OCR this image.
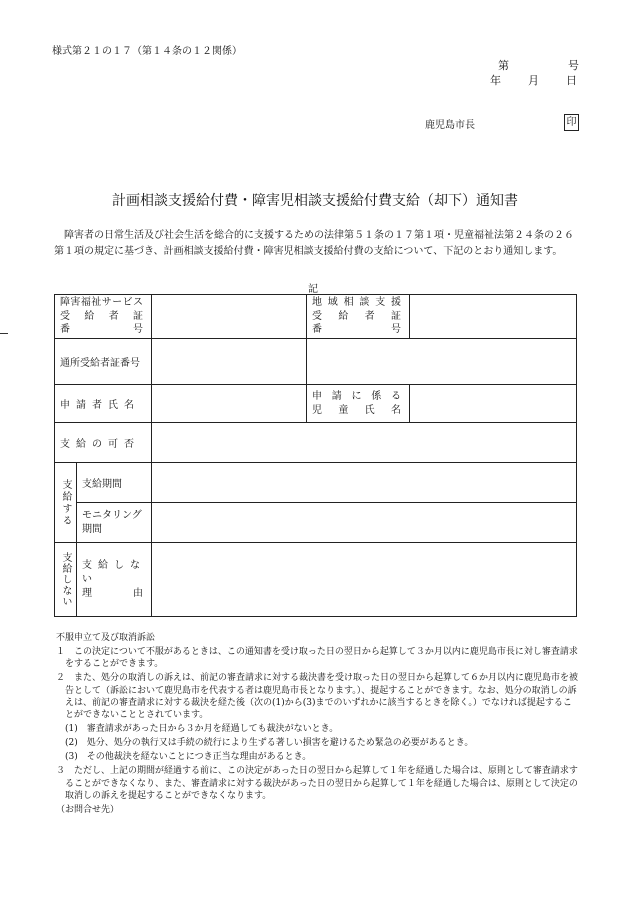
様式第２１の１７（第１４条の１２関係）
第	号
年 月 日
鹿児島市長	印
計画相談支援給付費・障害児相談支援給付費支給（却下）通知書
障害者の日常生活及び社会生活を総合的に支援するための法律第５１条の１７第１項・児童福祉法第２４条の２６第１項の規定に基づき、計画相談支援給付費・障害児相談支援給付費の支給について、下記のとおり通知します。
記
障害福祉サービス
受　給　者　証
番　　　　　号			地域相談支援
受　給　者　証
番　　　　　号	

通所受給者証番号			

申請者氏名			申請に係る
児童氏名	

支給の可否				
支給する	支給期間			

	モニタリング
期間			

支給しない	支給しない
理　　　由			

不服申立て及び取消訴訟

１　この決定について不服があるときは、この通知書を受け取った日の翌日から起算して３か月以内に鹿児島市長に対し審査請求をすることができます。

２　また、処分の取消しの訴えは、前記の審査請求に対する裁決書を受け取った日の翌日から起算して６か月以内に鹿児島市を被告として（訴訟において鹿児島市を代表する者は鹿児島市長となります。）、提起することができます。なお、処分の取消しの訴えは、前記の審査請求に対する裁決を経た後（次の(1)から(3)までのいずれかに該当するときを除く。）でなければ提起することができないこととされています。

(1)　審査請求があった日から３か月を経過しても裁決がないとき。

(2)　処分、処分の執行又は手続の続行により生ずる著しい損害を避けるため緊急の必要があるとき。

(3)　その他裁決を経ないことにつき正当な理由があるとき。

３　ただし、上記の期間が経過する前に、この決定があった日の翌日から起算して１年を経過した場合は、原則として審査請求することができなくなり、また、審査請求に対する裁決があった日の翌日から起算して１年を経過した場合は、原則として決定の取消しの訴えを提起することができなくなります。

（お問合せ先）
